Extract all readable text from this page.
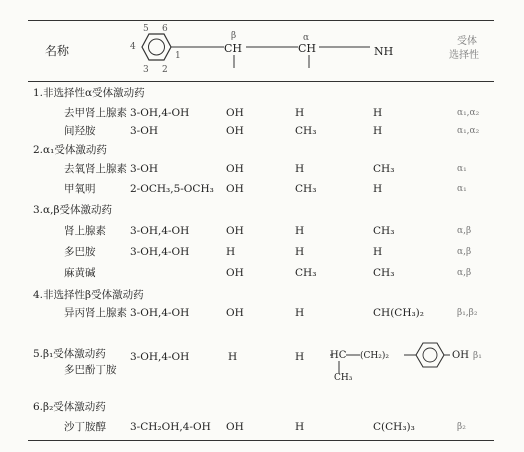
名称
5 6
4
1
3 2
β	α
CH	CH	NH
受体
选择性
1.非选择性α受体激动药
去甲肾上腺素 3-OH,4-OH	OH	H	H	α₁,α₂
间羟胺	3-OH	OH	CH₃	H	α₁,α₂
2.α₁受体激动药
去氧肾上腺素 3-OH	OH	H	CH₃	α₁
甲氧明	2-OCH₃,5-OCH₃ OH	CH₃	H	α₁
3.α,β受体激动药
肾上腺素 3-OH,4-OH	OH	H	CH₃	α,β
多巴胺	3-OH,4-OH	H	H	H	α,β
麻黄碱	OH	CH₃	CH₃	α,β
4.非选择性β受体激动药
异丙肾上腺素 3-OH,4-OH	OH	H	CH(CH₃)₂	β₁,β₂
5.β₁受体激动药
多巴酚丁胺
3-OH,4-OH	H	H	HC (CH₂)₂	OH β₁
CH₃
6.β₂受体激动药
沙丁胺醇 3-CH₂OH,4-OH OH	H	C(CH₃)₃	β₂
